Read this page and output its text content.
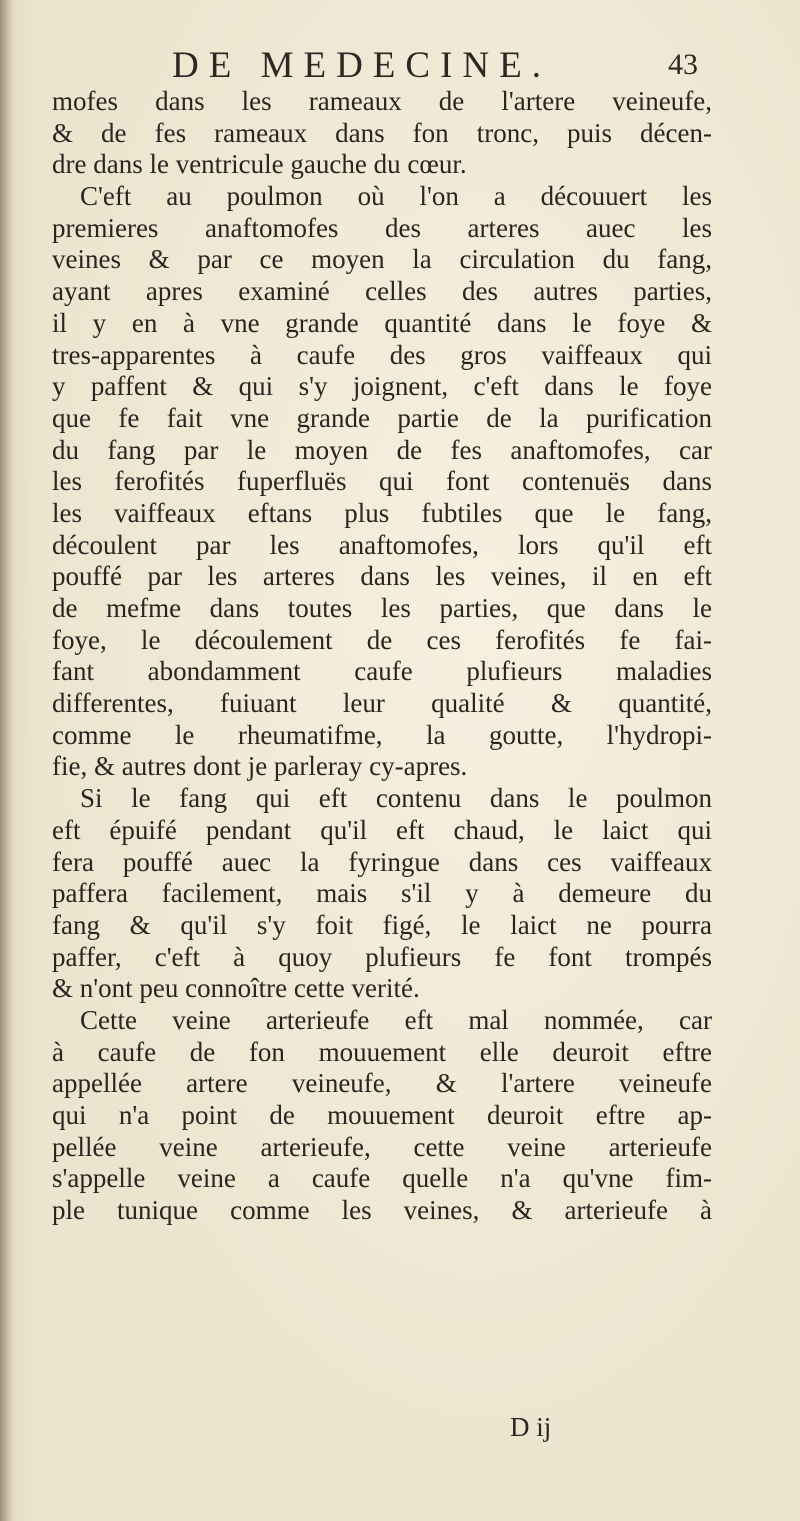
DE MEDECINE.	43
mofes dans les rameaux de l'artere veineufe,
& de fes rameaux dans fon tronc, puis décen-
dre dans le ventricule gauche du cœur.
C'eft au poulmon où l'on a découuert les
premieres anaftomofes des arteres auec les
veines & par ce moyen la circulation du fang,
ayant apres examiné celles des autres parties,
il y en à vne grande quantité dans le foye &
tres-apparentes à caufe des gros vaiffeaux qui
y paffent & qui s'y joignent, c'eft dans le foye
que fe fait vne grande partie de la purification
du fang par le moyen de fes anaftomofes, car
les ferofités fuperfluës qui font contenuës dans
les vaiffeaux eftans plus fubtiles que le fang,
découlent par les anaftomofes, lors qu'il eft
pouffé par les arteres dans les veines, il en eft
de mefme dans toutes les parties, que dans le
foye, le découlement de ces ferofités fe fai-
fant abondamment caufe plufieurs maladies
differentes, fuiuant leur qualité & quantité,
comme le rheumatifme, la goutte, l'hydropi-
fie, & autres dont je parleray cy-apres.
Si le fang qui eft contenu dans le poulmon
eft épuifé pendant qu'il eft chaud, le laict qui
fera pouffé auec la fyringue dans ces vaiffeaux
paffera facilement, mais s'il y à demeure du
fang & qu'il s'y foit figé, le laict ne pourra
paffer, c'eft à quoy plufieurs fe font trompés
& n'ont peu connoître cette verité.
Cette veine arterieufe eft mal nommée, car
à caufe de fon mouuement elle deuroit eftre
appellée artere veineufe, & l'artere veineufe
qui n'a point de mouuement deuroit eftre ap-
pellée veine arterieufe, cette veine arterieufe
s'appelle veine a caufe quelle n'a qu'vne fim-
ple tunique comme les veines, & arterieufe à
D ij
